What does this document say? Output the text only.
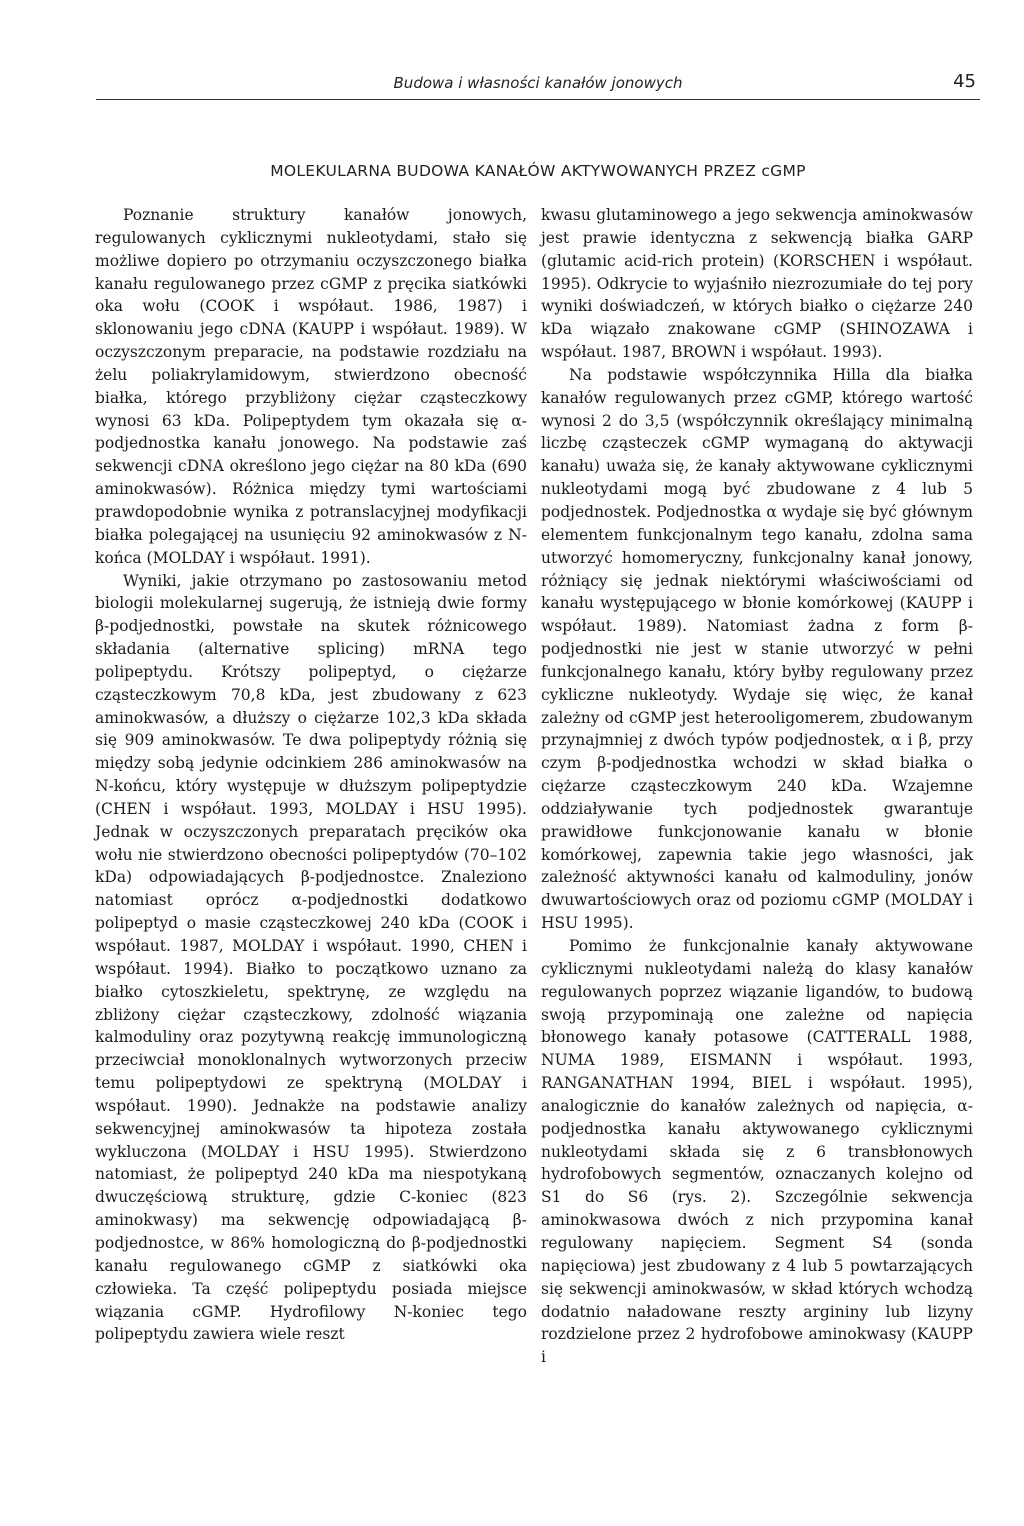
Budowa i własności kanałów jonowych	45
MOLEKULARNA BUDOWA KANAŁÓW AKTYWOWANYCH PRZEZ cGMP

Poznanie struktury kanałów jonowych, regulowanych cyklicznymi nukleotydami, stało się możliwe dopiero po otrzymaniu oczyszczonego białka kanału regulowanego przez cGMP z pręcika siatkówki oka wołu (COOK i współaut. 1986, 1987) i sklonowaniu jego cDNA (KAUPP i współaut. 1989). W oczyszczonym preparacie, na podstawie rozdziału na żelu poliakrylamidowym, stwierdzono obecność białka, którego przybliżony ciężar cząsteczkowy wynosi 63 kDa. Polipeptydem tym okazała się α-podjednostka kanału jonowego. Na podstawie zaś sekwencji cDNA określono jego ciężar na 80 kDa (690 aminokwasów). Różnica między tymi wartościami prawdopodobnie wynika z potranslacyjnej modyfikacji białka polegającej na usunięciu 92 aminokwasów z N-końca (MOLDAY i współaut. 1991).

Wyniki, jakie otrzymano po zastosowaniu metod biologii molekularnej sugerują, że istnieją dwie formy β-podjednostki, powstałe na skutek różnicowego składania (alternative splicing) mRNA tego polipeptydu. Krótszy polipeptyd, o ciężarze cząsteczkowym 70,8 kDa, jest zbudowany z 623 aminokwasów, a dłuższy o ciężarze 102,3 kDa składa się 909 aminokwasów. Te dwa polipeptydy różnią się między sobą jedynie odcinkiem 286 aminokwasów na N-końcu, który występuje w dłuższym polipeptydzie (CHEN i współaut. 1993, MOLDAY i HSU 1995). Jednak w oczyszczonych preparatach pręcików oka wołu nie stwierdzono obecności polipeptydów (70–102 kDa) odpowiadających β-podjednostce. Znaleziono natomiast oprócz α-podjednostki dodatkowo polipeptyd o masie cząsteczkowej 240 kDa (COOK i współaut. 1987, MOLDAY i współaut. 1990, CHEN i współaut. 1994). Białko to początkowo uznano za białko cytoszkieletu, spektrynę, ze względu na zbliżony ciężar cząsteczkowy, zdolność wiązania kalmoduliny oraz pozytywną reakcję immunologiczną przeciwciał monoklonalnych wytworzonych przeciw temu polipeptydowi ze spektryną (MOLDAY i współaut. 1990). Jednakże na podstawie analizy sekwencyjnej aminokwasów ta hipoteza została wykluczona (MOLDAY i HSU 1995). Stwierdzono natomiast, że polipeptyd 240 kDa ma niespotykaną dwuczęściową strukturę, gdzie C-koniec (823 aminokwasy) ma sekwencję odpowiadającą β-podjednostce, w 86% homologiczną do β-podjednostki kanału regulowanego cGMP z siatkówki oka człowieka. Ta część polipeptydu posiada miejsce wiązania cGMP. Hydrofilowy N-koniec tego polipeptydu zawiera wiele reszt

kwasu glutaminowego a jego sekwencja aminokwasów jest prawie identyczna z sekwencją białka GARP (glutamic acid-rich protein) (KORSCHEN i współaut. 1995). Odkrycie to wyjaśniło niezrozumiałe do tej pory wyniki doświadczeń, w których białko o ciężarze 240 kDa wiązało znakowane cGMP (SHINOZAWA i współaut. 1987, BROWN i współaut. 1993).

Na podstawie współczynnika Hilla dla białka kanałów regulowanych przez cGMP, którego wartość wynosi 2 do 3,5 (współczynnik określający minimalną liczbę cząsteczek cGMP wymaganą do aktywacji kanału) uważa się, że kanały aktywowane cyklicznymi nukleotydami mogą być zbudowane z 4 lub 5 podjednostek. Podjednostka α wydaje się być głównym elementem funkcjonalnym tego kanału, zdolna sama utworzyć homomeryczny, funkcjonalny kanał jonowy, różniący się jednak niektórymi właściwościami od kanału występującego w błonie komórkowej (KAUPP i współaut. 1989). Natomiast żadna z form β-podjednostki nie jest w stanie utworzyć w pełni funkcjonalnego kanału, który byłby regulowany przez cykliczne nukleotydy. Wydaje się więc, że kanał zależny od cGMP jest heterooligomerem, zbudowanym przynajmniej z dwóch typów podjednostek, α i β, przy czym β-podjednostka wchodzi w skład białka o ciężarze cząsteczkowym 240 kDa. Wzajemne oddziaływanie tych podjednostek gwarantuje prawidłowe funkcjonowanie kanału w błonie komórkowej, zapewnia takie jego własności, jak zależność aktywności kanału od kalmoduliny, jonów dwuwartościowych oraz od poziomu cGMP (MOLDAY i HSU 1995).

Pomimo że funkcjonalnie kanały aktywowane cyklicznymi nukleotydami należą do klasy kanałów regulowanych poprzez wiązanie ligandów, to budową swoją przypominają one zależne od napięcia błonowego kanały potasowe (CATTERALL 1988, NUMA 1989, EISMANN i współaut. 1993, RANGANATHAN 1994, BIEL i współaut. 1995), analogicznie do kanałów zależnych od napięcia, α-podjednostka kanału aktywowanego cyklicznymi nukleotydami składa się z 6 transbłonowych hydrofobowych segmentów, oznaczanych kolejno od S1 do S6 (rys. 2). Szczególnie sekwencja aminokwasowa dwóch z nich przypomina kanał regulowany napięciem. Segment S4 (sonda napięciowa) jest zbudowany z 4 lub 5 powtarzających się sekwencji aminokwasów, w skład których wchodzą dodatnio naładowane reszty argininy lub lizyny rozdzielone przez 2 hydrofobowe aminokwasy (KAUPP i
